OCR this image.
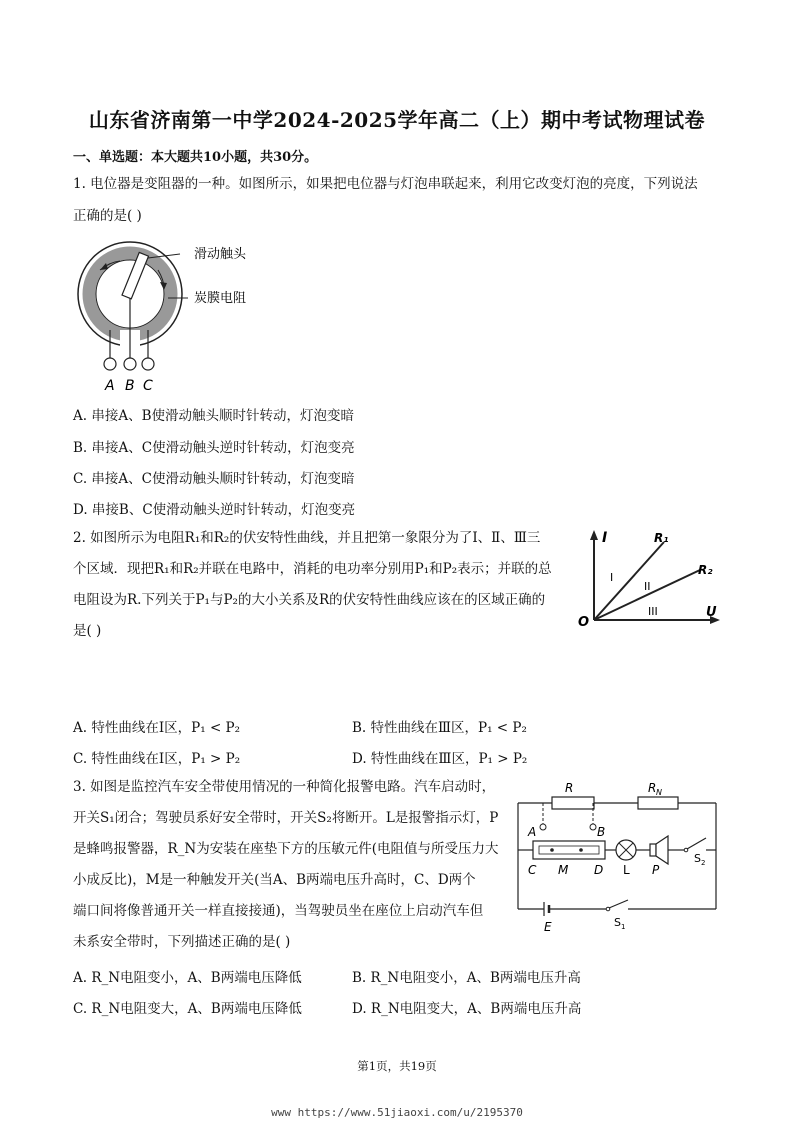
山东省济南第一中学2024-2025学年高二（上）期中考试物理试卷
一、单选题：本大题共10小题，共30分。
1. 电位器是变阻器的一种。如图所示，如果把电位器与灯泡串联起来，利用它改变灯泡的亮度，下列说法
正确的是( )
A B C
滑动触头
炭膜电阻
A. 串接A、B使滑动触头顺时针转动，灯泡变暗
B. 串接A、C使滑动触头逆时针转动，灯泡变亮
C. 串接A、C使滑动触头顺时针转动，灯泡变暗
D. 串接B、C使滑动触头逆时针转动，灯泡变亮
2. 如图所示为电阻R₁和R₂的伏安特性曲线，并且把第一象限分为了Ⅰ、Ⅱ、Ⅲ三
个区域．现把R₁和R₂并联在电路中，消耗的电功率分别用P₁和P₂表示；并联的总
电阻设为R.下列关于P₁与P₂的大小关系及R的伏安特性曲线应该在的区域正确的
是( )
I
U
O
R₁
R₂
I
II
III
A. 特性曲线在Ⅰ区，P₁ < P₂	B. 特性曲线在Ⅲ区，P₁ < P₂
C. 特性曲线在Ⅰ区，P₁ > P₂	D. 特性曲线在Ⅲ区，P₁ > P₂
3. 如图是监控汽车安全带使用情况的一种简化报警电路。汽车启动时，
开关S₁闭合；驾驶员系好安全带时，开关S₂将断开。L是报警指示灯，P
是蜂鸣报警器，R_N为安装在座垫下方的压敏元件(电阻值与所受压力大
小成反比)，M是一种触发开关(当A、B两端电压升高时，C、D两个
端口间将像普通开关一样直接接通)，当驾驶员坐在座位上启动汽车但
未系安全带时，下列描述正确的是( )
R	R N
A	B
C M D L P
S 2
E	S 1
A. R_N电阻变小，A、B两端电压降低	B. R_N电阻变小，A、B两端电压升高
C. R_N电阻变大，A、B两端电压降低	D. R_N电阻变大，A、B两端电压升高
第1页，共19页
www https://www.51jiaoxi.com/u/2195370
